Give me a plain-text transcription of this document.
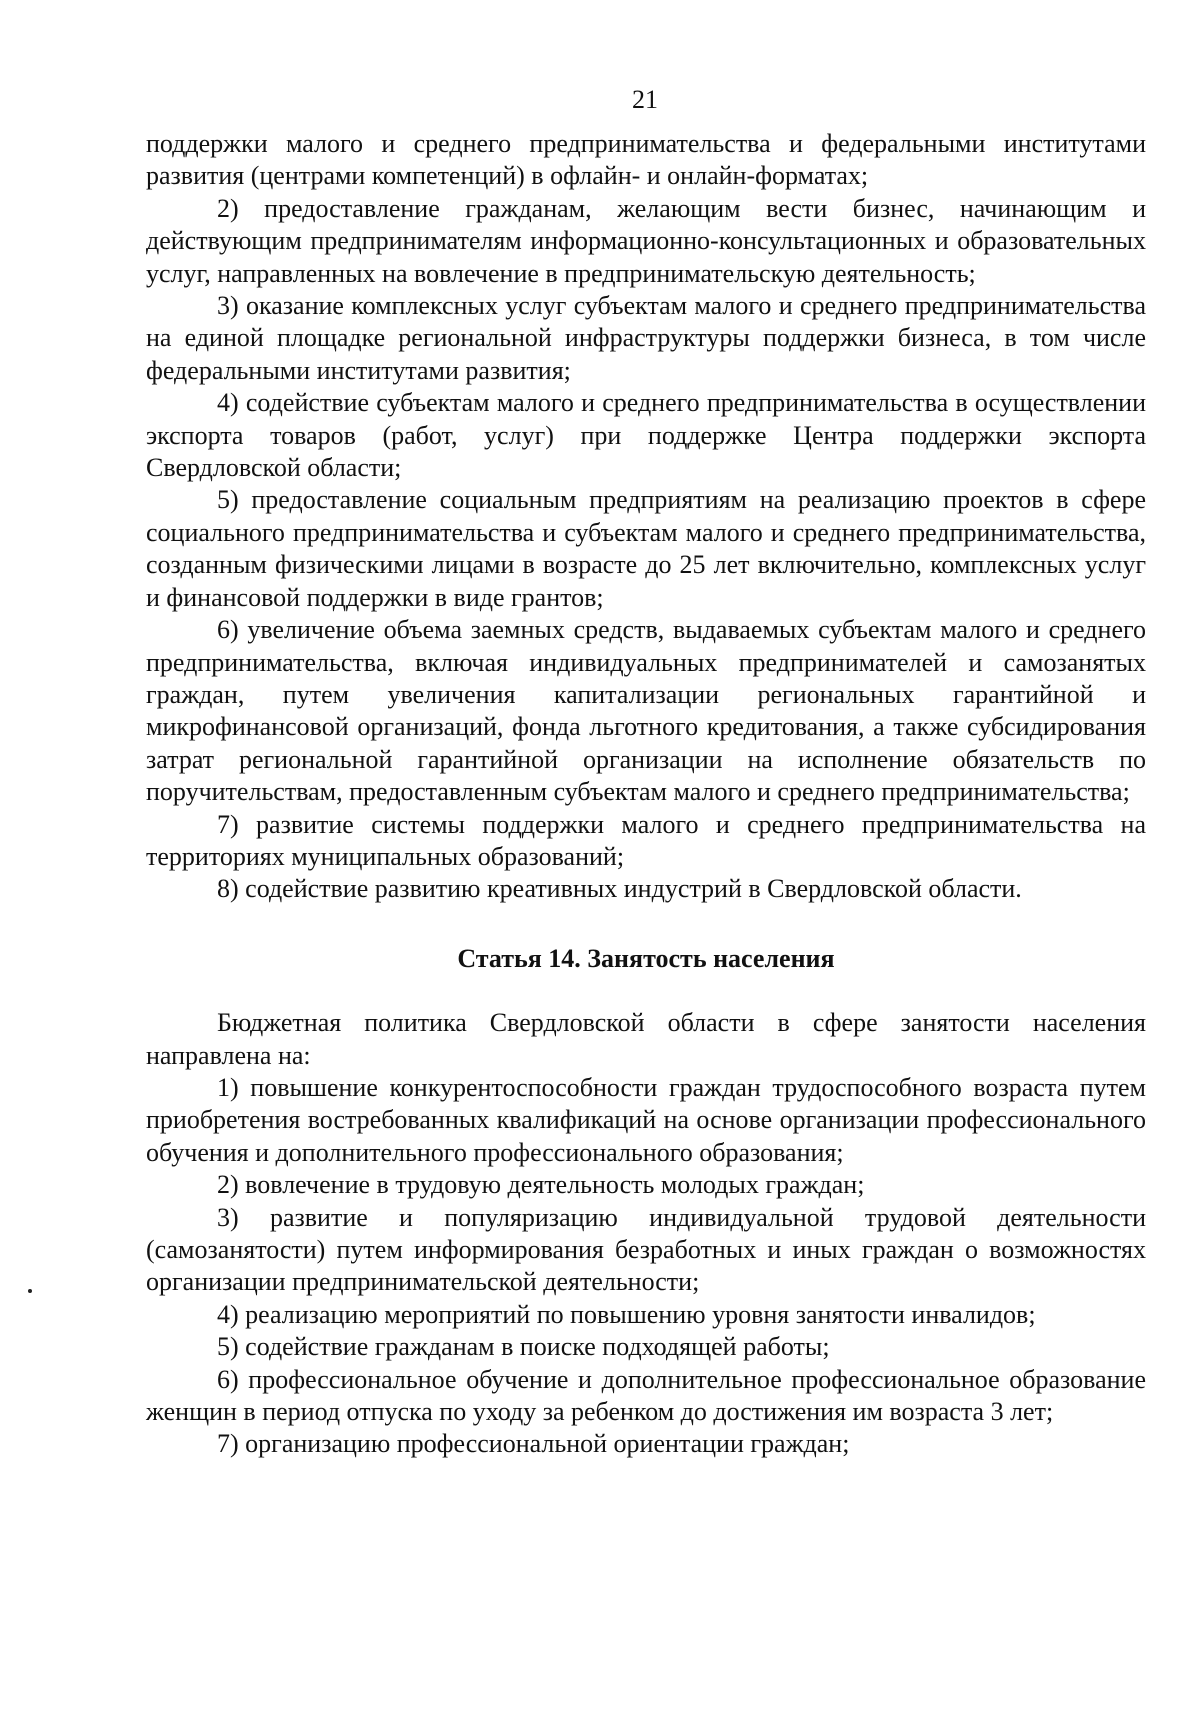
21

поддержки малого и среднего предпринимательства и федеральными институтами развития (центрами компетенций) в офлайн- и онлайн-форматах;

2) предоставление гражданам, желающим вести бизнес, начинающим и действующим предпринимателям информационно-консультационных и образовательных услуг, направленных на вовлечение в предпринимательскую деятельность;

3) оказание комплексных услуг субъектам малого и среднего предпринимательства на единой площадке региональной инфраструктуры поддержки бизнеса, в том числе федеральными институтами развития;

4) содействие субъектам малого и среднего предпринимательства в осуществлении экспорта товаров (работ, услуг) при поддержке Центра поддержки экспорта Свердловской области;

5) предоставление социальным предприятиям на реализацию проектов в сфере социального предпринимательства и субъектам малого и среднего предпринимательства, созданным физическими лицами в возрасте до 25 лет включительно, комплексных услуг и финансовой поддержки в виде грантов;

6) увеличение объема заемных средств, выдаваемых субъектам малого и среднего предпринимательства, включая индивидуальных предпринимателей и самозанятых граждан, путем увеличения капитализации региональных гарантийной и микрофинансовой организаций, фонда льготного кредитования, а также субсидирования затрат региональной гарантийной организации на исполнение обязательств по поручительствам, предоставленным субъектам малого и среднего предпринимательства;

7) развитие системы поддержки малого и среднего предпринимательства на территориях муниципальных образований;

8) содействие развитию креативных индустрий в Свердловской области.

Статья 14. Занятость населения

Бюджетная политика Свердловской области в сфере занятости населения направлена на:

1) повышение конкурентоспособности граждан трудоспособного возраста путем приобретения востребованных квалификаций на основе организации профессионального обучения и дополнительного профессионального образования;

2) вовлечение в трудовую деятельность молодых граждан;

3) развитие и популяризацию индивидуальной трудовой деятельности (самозанятости) путем информирования безработных и иных граждан о возможностях организации предпринимательской деятельности;

4) реализацию мероприятий по повышению уровня занятости инвалидов;

5) содействие гражданам в поиске подходящей работы;

6) профессиональное обучение и дополнительное профессиональное образование женщин в период отпуска по уходу за ребенком до достижения им возраста 3 лет;

7) организацию профессиональной ориентации граждан;
